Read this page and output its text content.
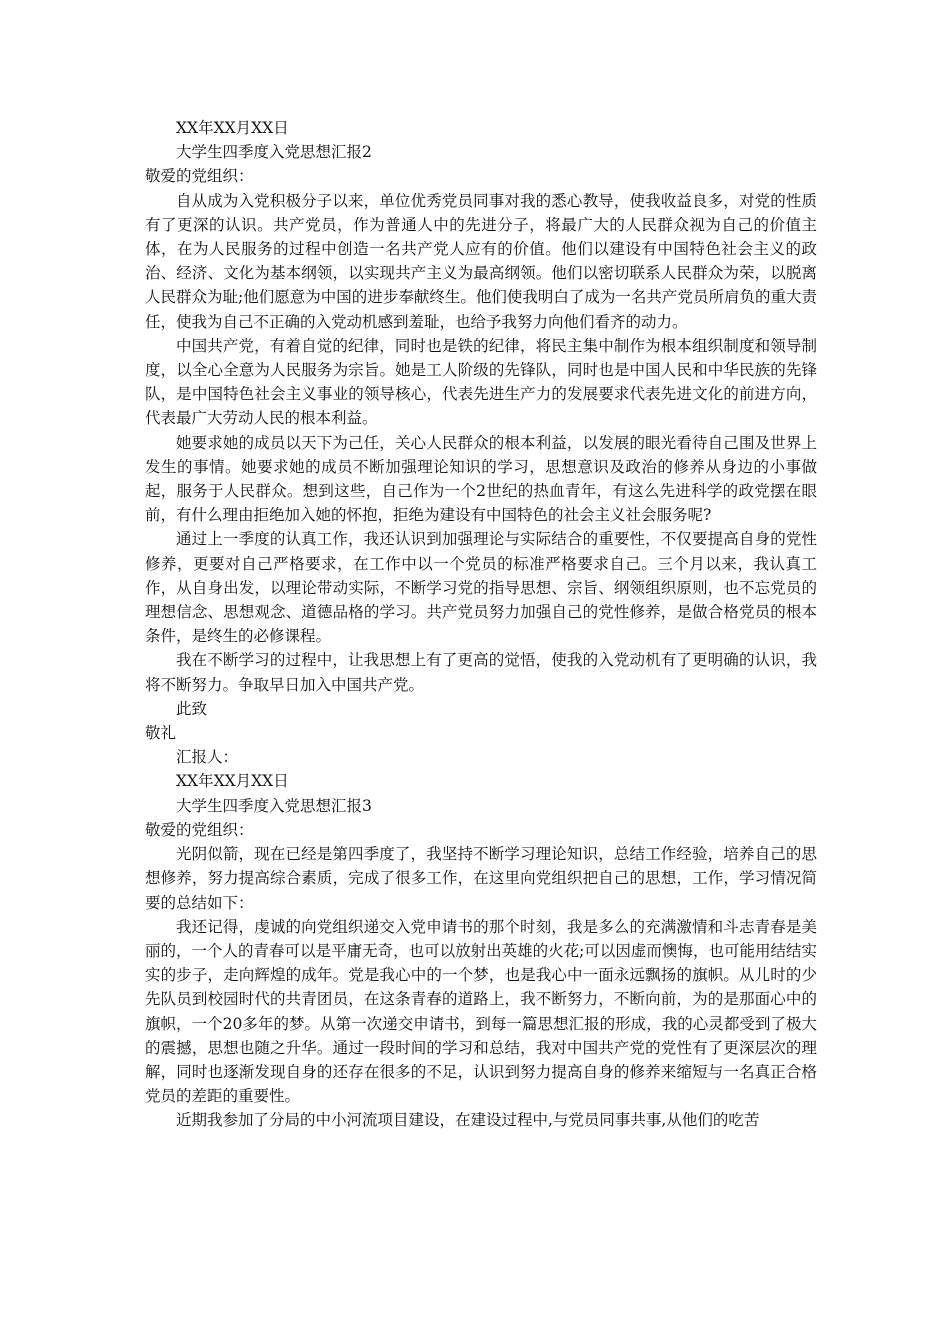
XX年XX月XX日

大学生四季度入党思想汇报2

敬爱的党组织：

自从成为入党积极分子以来，单位优秀党员同事对我的悉心教导，使我收益良多，对党的性质有了更深的认识。共产党员，作为普通人中的先进分子，将最广大的人民群众视为自己的价值主体，在为人民服务的过程中创造一名共产党人应有的价值。他们以建设有中国特色社会主义的政治、经济、文化为基本纲领，以实现共产主义为最高纲领。他们以密切联系人民群众为荣，以脱离人民群众为耻;他们愿意为中国的进步奉献终生。他们使我明白了成为一名共产党员所肩负的重大责任，使我为自己不正确的入党动机感到羞耻，也给予我努力向他们看齐的动力。

中国共产党，有着自觉的纪律，同时也是铁的纪律，将民主集中制作为根本组织制度和领导制度，以全心全意为人民服务为宗旨。她是工人阶级的先锋队，同时也是中国人民和中华民族的先锋队，是中国特色社会主义事业的领导核心，代表先进生产力的发展要求代表先进文化的前进方向，代表最广大劳动人民的根本利益。

她要求她的成员以天下为己任，关心人民群众的根本利益，以发展的眼光看待自己围及世界上发生的事情。她要求她的成员不断加强理论知识的学习，思想意识及政治的修养从身边的小事做起，服务于人民群众。想到这些，自己作为一个2世纪的热血青年，有这么先进科学的政党摆在眼前，有什么理由拒绝加入她的怀抱，拒绝为建设有中国特色的社会主义社会服务呢?

通过上一季度的认真工作，我还认识到加强理论与实际结合的重要性，不仅要提高自身的党性修养，更要对自己严格要求，在工作中以一个党员的标准严格要求自己。三个月以来，我认真工作，从自身出发，以理论带动实际，不断学习党的指导思想、宗旨、纲领组织原则，也不忘党员的理想信念、思想观念、道德品格的学习。共产党员努力加强自己的党性修养，是做合格党员的根本条件，是终生的必修课程。

我在不断学习的过程中，让我思想上有了更高的觉悟，使我的入党动机有了更明确的认识，我将不断努力。争取早日加入中国共产党。

此致

敬礼

汇报人：

XX年XX月XX日

大学生四季度入党思想汇报3

敬爱的党组织：

光阴似箭，现在已经是第四季度了，我坚持不断学习理论知识，总结工作经验，培养自己的思想修养，努力提高综合素质，完成了很多工作，在这里向党组织把自己的思想，工作，学习情况简要的总结如下：

我还记得，虔诚的向党组织递交入党申请书的那个时刻，我是多么的充满激情和斗志青春是美丽的，一个人的青春可以是平庸无奇，也可以放射出英雄的火花;可以因虚而懊悔，也可能用结结实实的步子，走向辉煌的成年。党是我心中的一个梦，也是我心中一面永远飘扬的旗帜。从儿时的少先队员到校园时代的共青团员，在这条青春的道路上，我不断努力，不断向前，为的是那面心中的旗帜，一个20多年的梦。从第一次递交申请书，到每一篇思想汇报的形成，我的心灵都受到了极大的震撼，思想也随之升华。通过一段时间的学习和总结，我对中国共产党的党性有了更深层次的理解，同时也逐渐发现自身的还存在很多的不足，认识到努力提高自身的修养来缩短与一名真正合格党员的差距的重要性。

近期我参加了分局的中小河流项目建设，在建设过程中,与党员同事共事,从他们的吃苦
